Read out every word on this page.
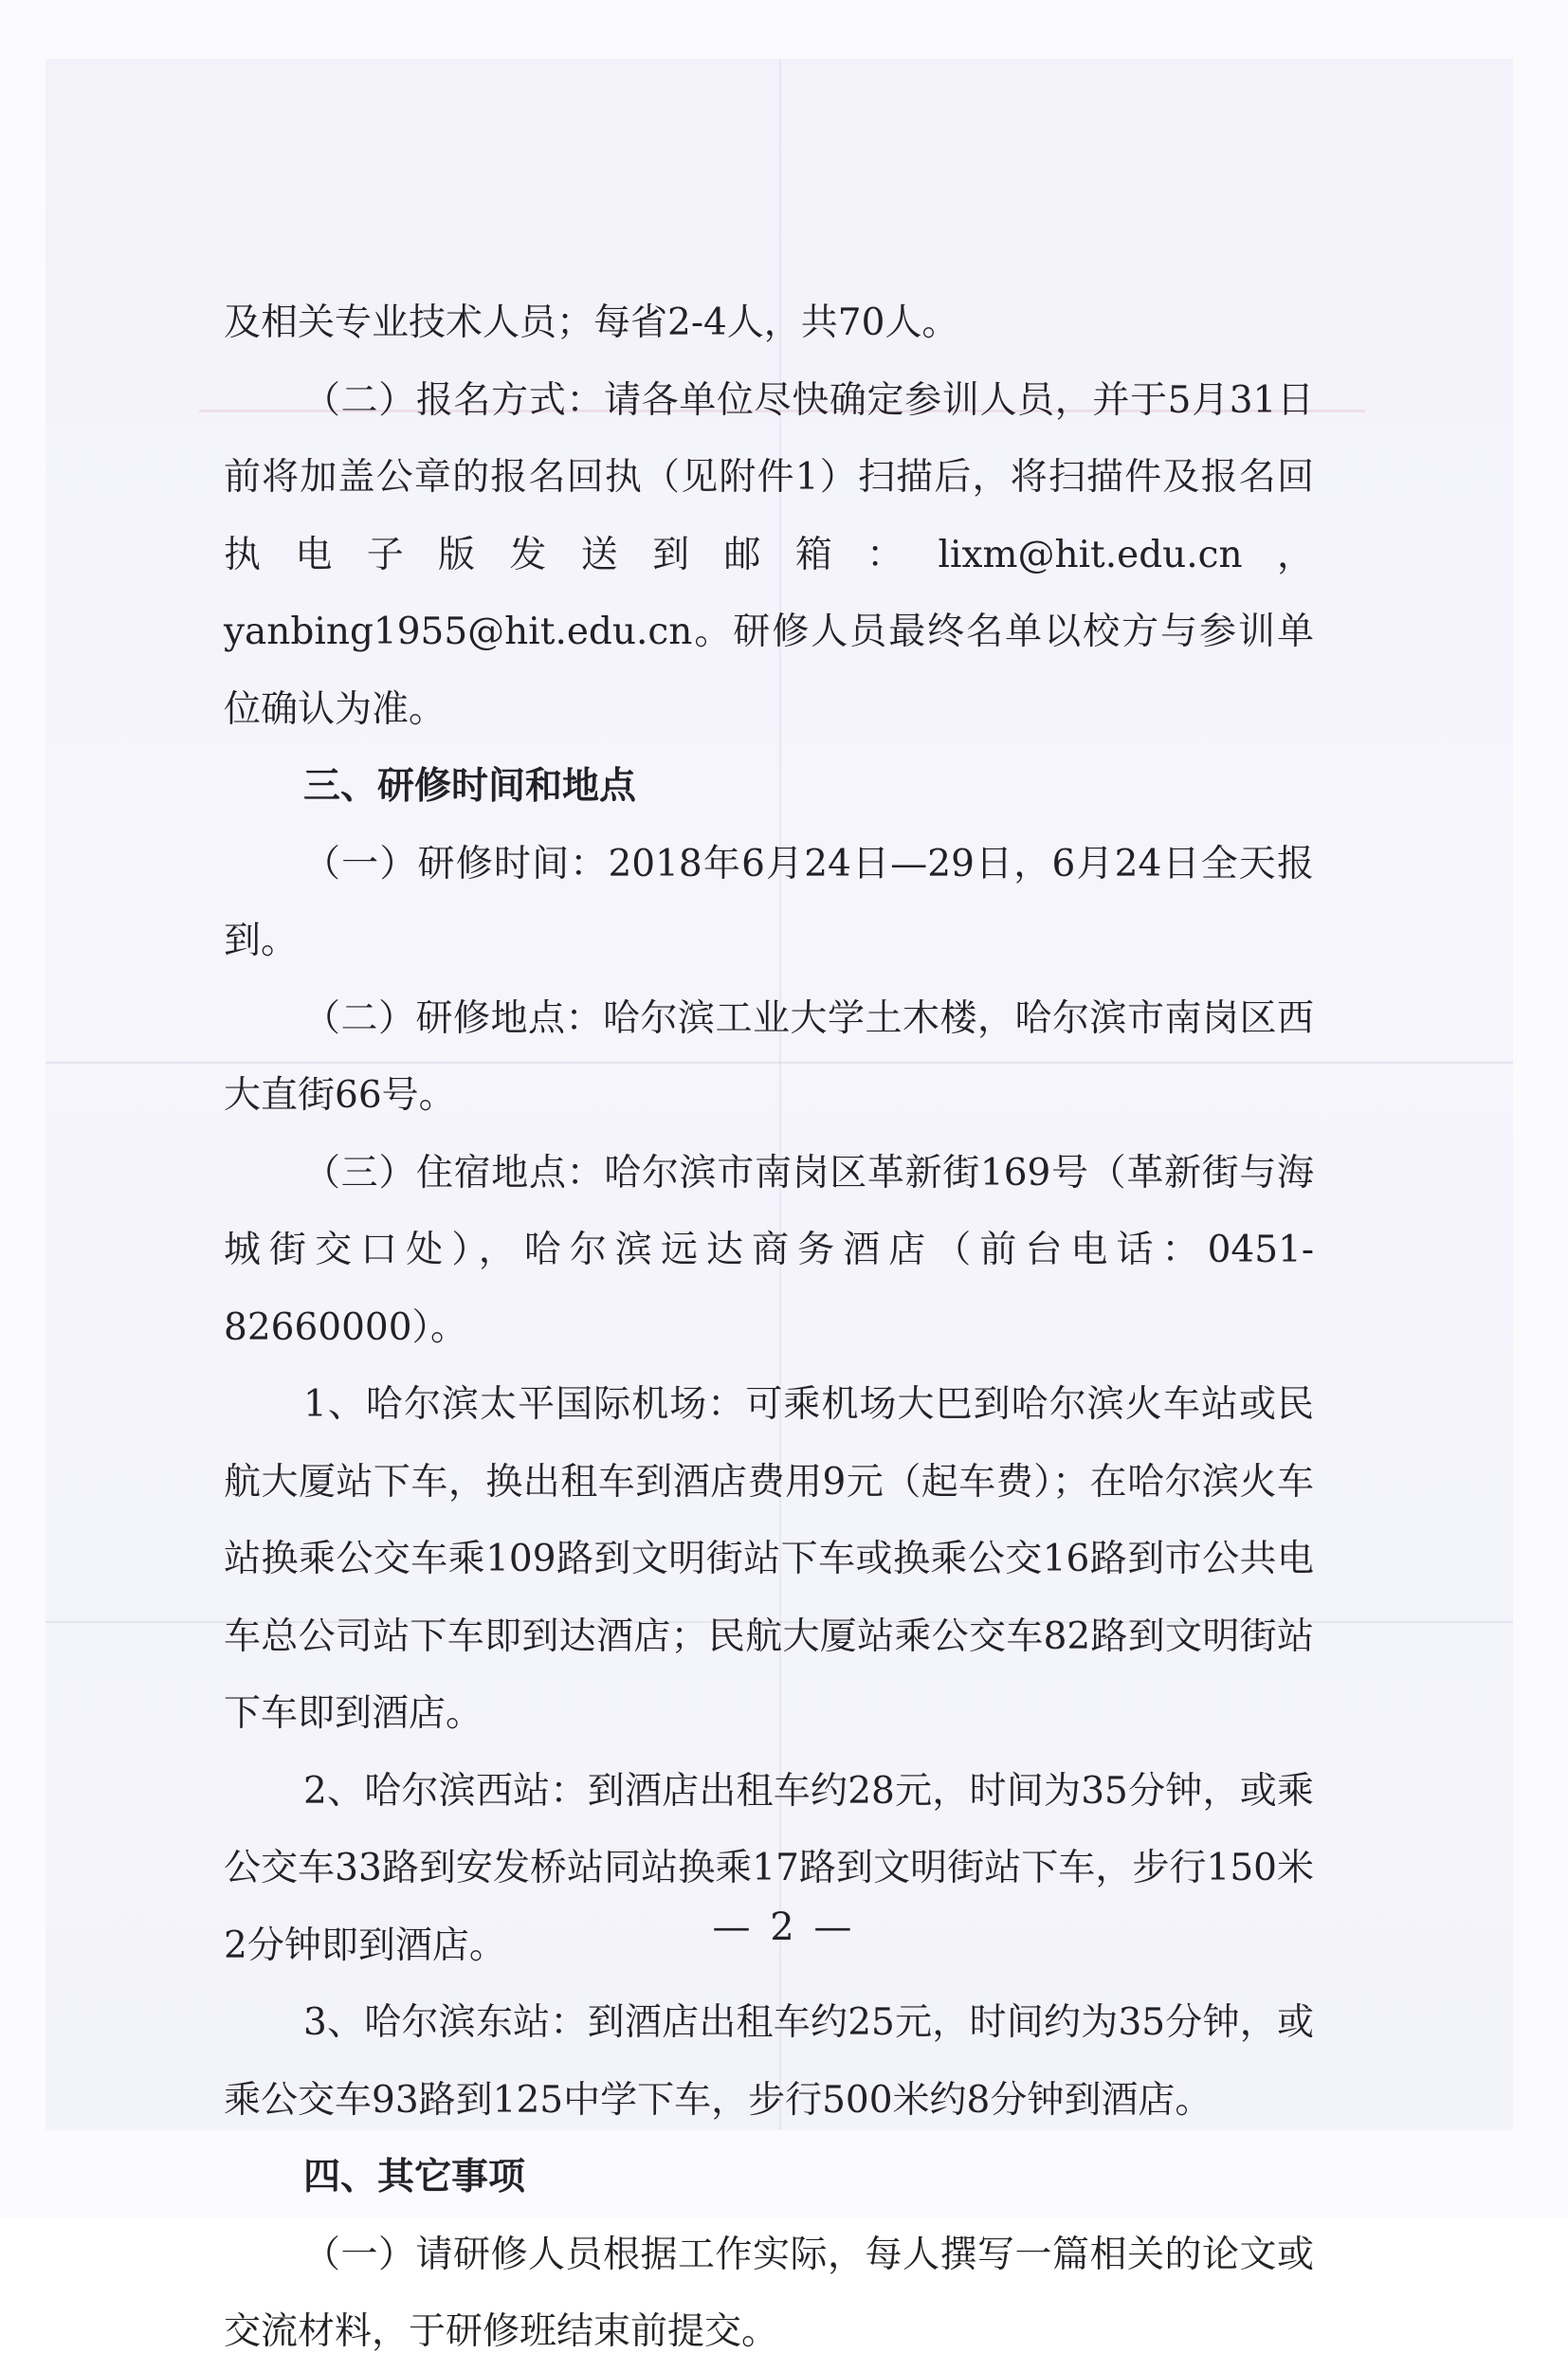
及相关专业技术人员；每省2-4人，共70人。

（二）报名方式：请各单位尽快确定参训人员，并于5月31日前将加盖公章的报名回执（见附件1）扫描后，将扫描件及报名回执电子版发送到邮箱：lixm@hit.edu.cn，yanbing1955@hit.edu.cn。研修人员最终名单以校方与参训单位确认为准。

三、研修时间和地点

（一）研修时间：2018年6月24日—29日，6月24日全天报到。

（二）研修地点：哈尔滨工业大学土木楼，哈尔滨市南岗区西大直街66号。

（三）住宿地点：哈尔滨市南岗区革新街169号（革新街与海城街交口处），哈尔滨远达商务酒店（前台电话：0451-82660000）。

1、哈尔滨太平国际机场：可乘机场大巴到哈尔滨火车站或民航大厦站下车，换出租车到酒店费用9元（起车费）；在哈尔滨火车站换乘公交车乘109路到文明街站下车或换乘公交16路到市公共电车总公司站下车即到达酒店；民航大厦站乘公交车82路到文明街站下车即到酒店。

2、哈尔滨西站：到酒店出租车约28元，时间为35分钟，或乘公交车33路到安发桥站同站换乘17路到文明街站下车，步行150米2分钟即到酒店。

3、哈尔滨东站：到酒店出租车约25元，时间约为35分钟，或乘公交车93路到125中学下车，步行500米约8分钟到酒店。

四、其它事项

（一）请研修人员根据工作实际，每人撰写一篇相关的论文或交流材料，于研修班结束前提交。

— 2 —
